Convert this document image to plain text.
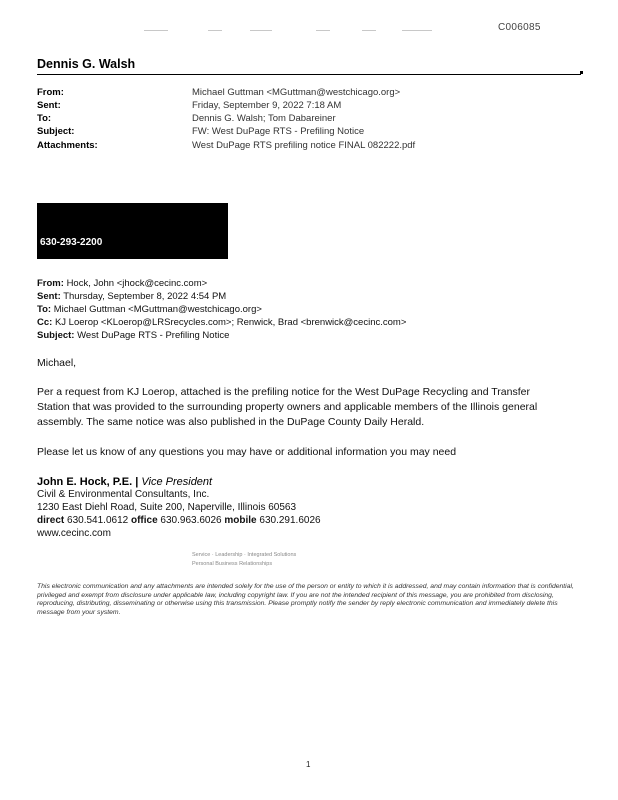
C006085
Dennis G. Walsh
From:	Michael Guttman <MGuttman@westchicago.org>
Sent:	Friday, September 9, 2022 7:18 AM
To:	Dennis G. Walsh; Tom Dabareiner
Subject:	FW: West DuPage RTS - Prefiling Notice
Attachments:	West DuPage RTS prefiling notice FINAL 082222.pdf
630-293-2200
From: Hock, John <jhock@cecinc.com>
Sent: Thursday, September 8, 2022 4:54 PM
To: Michael Guttman <MGuttman@westchicago.org>
Cc: KJ Loerop <KLoerop@LRSrecycles.com>; Renwick, Brad <brenwick@cecinc.com>
Subject: West DuPage RTS - Prefiling Notice
Michael,
Per a request from KJ Loerop, attached is the prefiling notice for the West DuPage Recycling and Transfer
Station that was provided to the surrounding property owners and applicable members of the Illinois general
assembly. The same notice was also published in the DuPage County Daily Herald.
Please let us know of any questions you may have or additional information you may need
John E. Hock, P.E. | Vice President
Civil & Environmental Consultants, Inc.
1230 East Diehl Road, Suite 200, Naperville, Illinois 60563
direct 630.541.0612 office 630.963.6026 mobile 630.291.6026
www.cecinc.com
Service · Leadership · Integrated Solutions
Personal Business Relationships
This electronic communication and any attachments are intended solely for the use of the person or entity to which it is addressed, and may contain information that is confidential, privileged and exempt from disclosure under applicable law, including copyright law. If you are not the intended recipient of this message, you are prohibited from disclosing, reproducing, distributing, disseminating or otherwise using this transmission. Please promptly notify the sender by reply electronic communication and immediately delete this message from your system.
1
